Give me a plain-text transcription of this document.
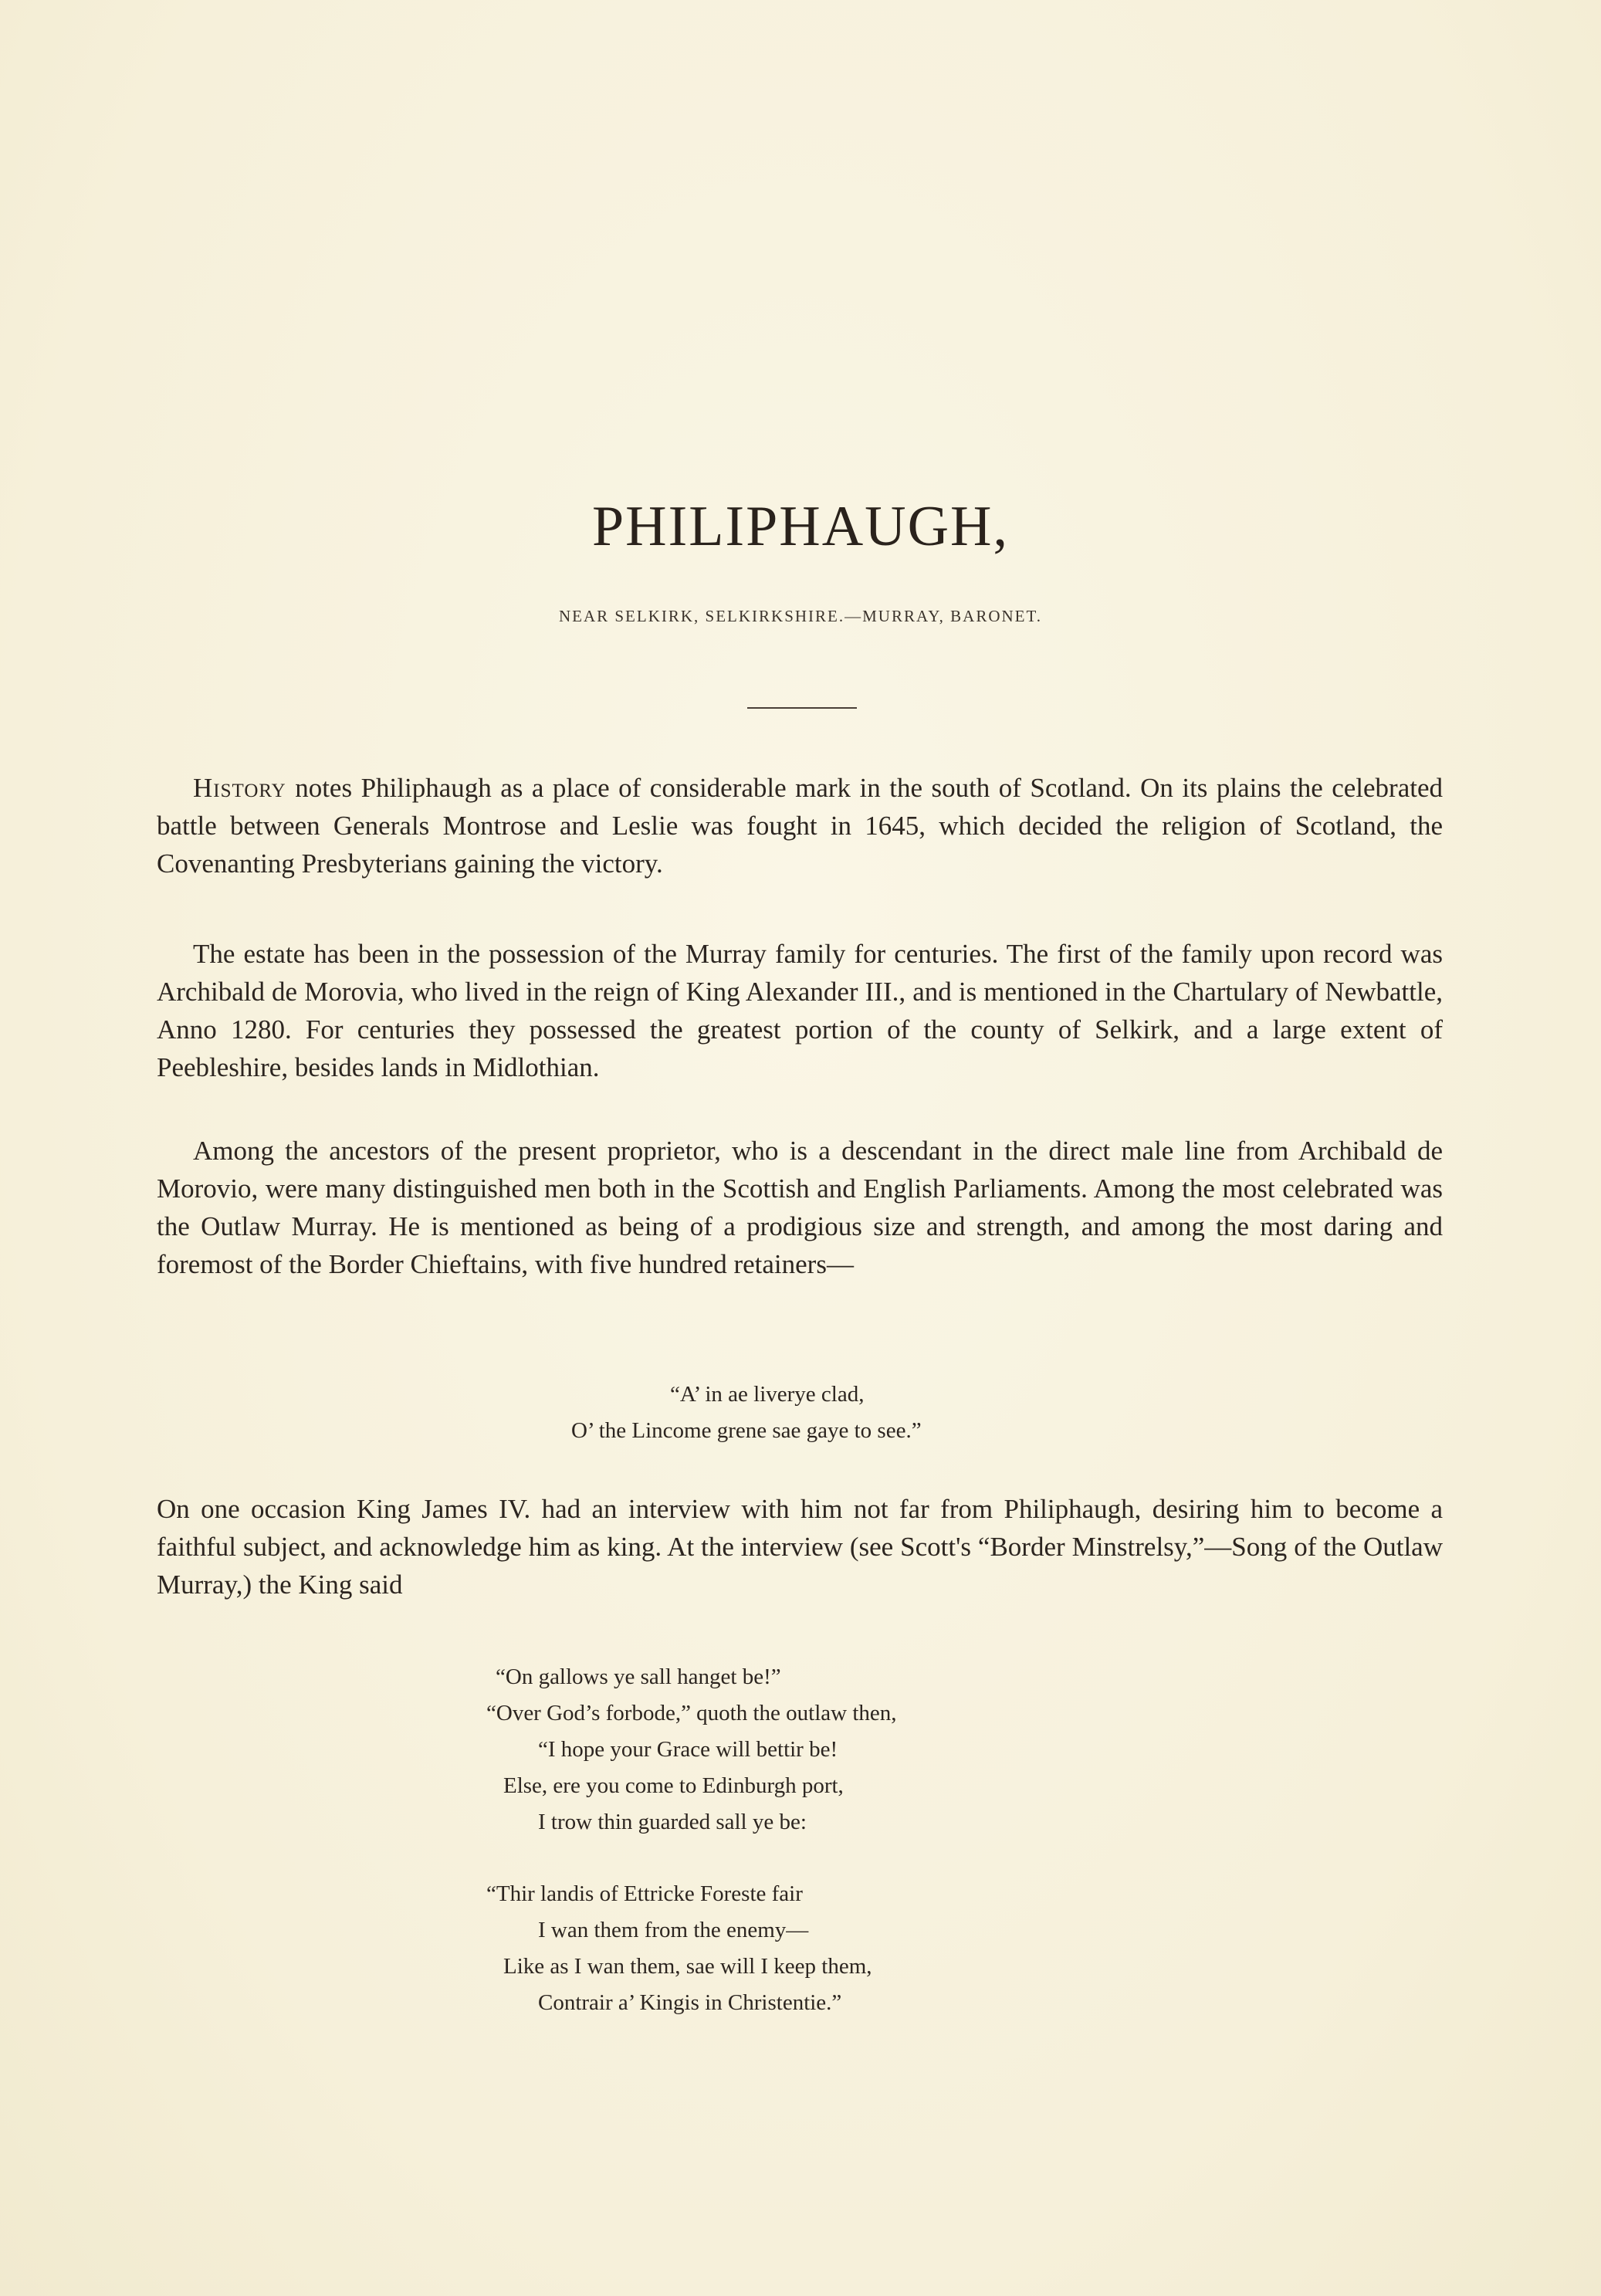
PHILIPHAUGH,
NEAR SELKIRK, SELKIRKSHIRE.—MURRAY, BARONET.

History notes Philiphaugh as a place of considerable mark in the south of Scotland. On its plains the celebrated battle between Generals Montrose and Leslie was fought in 1645, which decided the religion of Scotland, the Covenanting Presbyterians gaining the victory.

The estate has been in the possession of the Murray family for centuries. The first of the family upon record was Archibald de Morovia, who lived in the reign of King Alexander III., and is mentioned in the Chartulary of Newbattle, Anno 1280. For centuries they possessed the greatest portion of the county of Selkirk, and a large extent of Peebleshire, besides lands in Midlothian.

Among the ancestors of the present proprietor, who is a descendant in the direct male line from Archibald de Morovio, were many distinguished men both in the Scottish and English Parliaments. Among the most celebrated was the Outlaw Murray. He is mentioned as being of a prodigious size and strength, and among the most daring and foremost of the Border Chieftains, with five hundred retainers—

“A’ in ae liverye clad,
O’ the Lincome grene sae gaye to see.”

On one occasion King James IV. had an interview with him not far from Philiphaugh, desiring him to become a faithful subject, and acknowledge him as king. At the interview (see Scott's “Border Minstrelsy,”—Song of the Outlaw Murray,) the King said

“On gallows ye sall hanget be!”
“Over God’s forbode,” quoth the outlaw then,
“I hope your Grace will bettir be!
Else, ere you come to Edinburgh port,
I trow thin guarded sall ye be:
“Thir landis of Ettricke Foreste fair
I wan them from the enemy—
Like as I wan them, sae will I keep them,
Contrair a’ Kingis in Christentie.”
